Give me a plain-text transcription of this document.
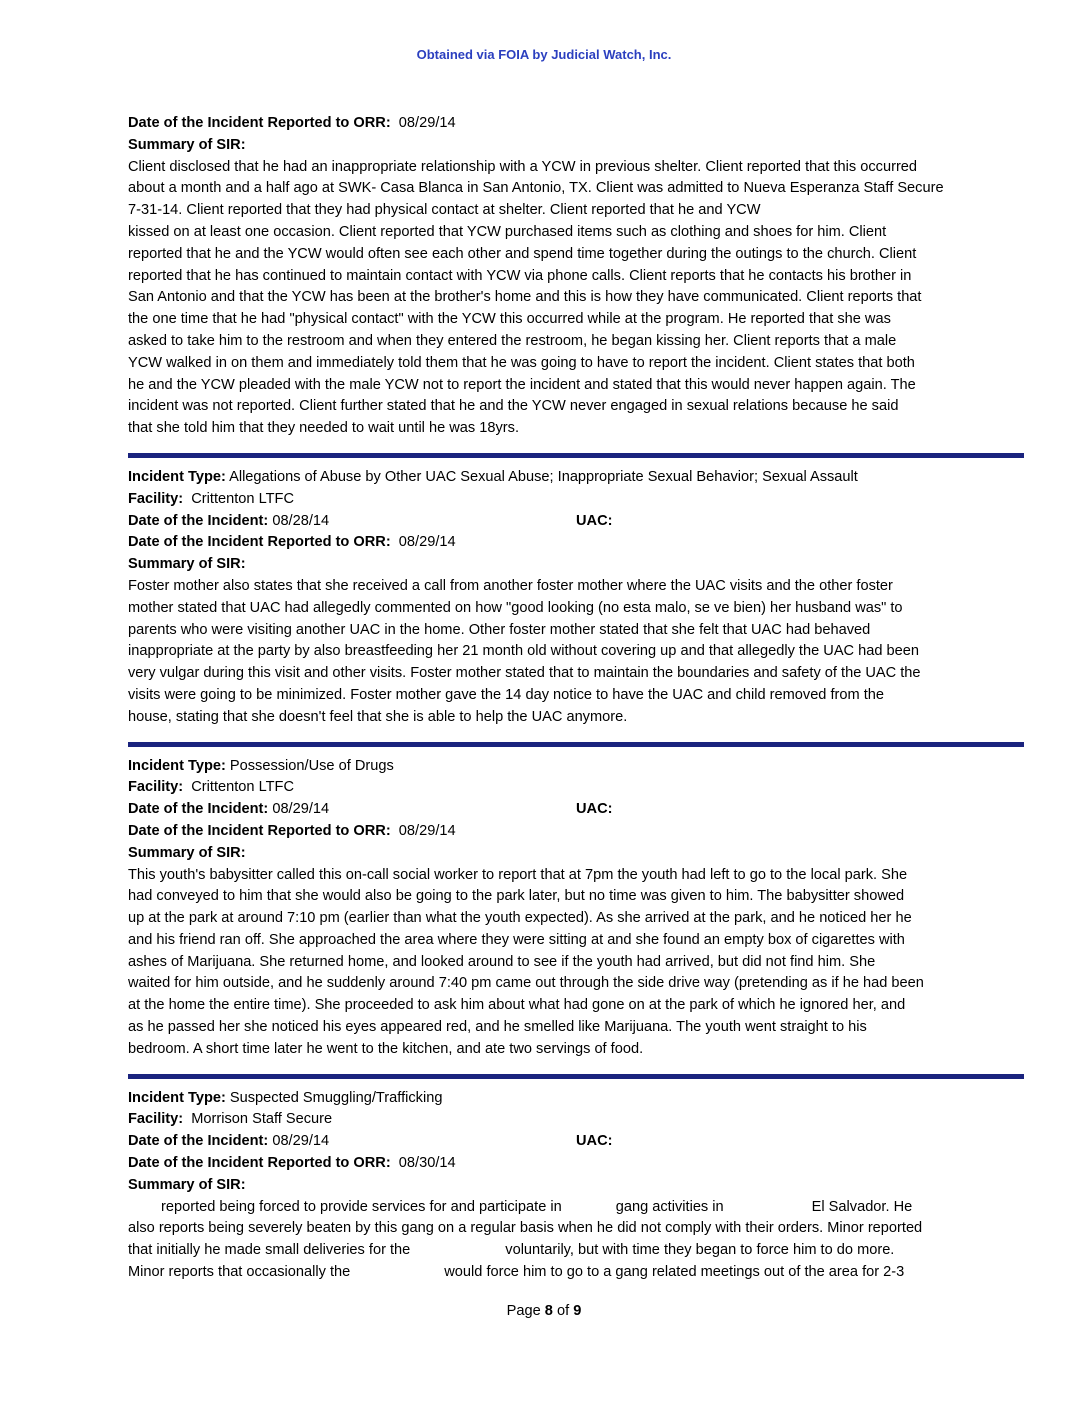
Obtained via FOIA by Judicial Watch, Inc.
Date of the Incident Reported to ORR: 08/29/14
Summary of SIR:
Client disclosed that he had an inappropriate relationship with a YCW in previous shelter. Client reported that this occurred
about a month and a half ago at SWK- Casa Blanca in San Antonio, TX. Client was admitted to Nueva Esperanza Staff Secure
7-31-14. Client reported that they had physical contact at shelter. Client reported that he and YCW
kissed on at least one occasion. Client reported that YCW purchased items such as clothing and shoes for him. Client
reported that he and the YCW would often see each other and spend time together during the outings to the church. Client
reported that he has continued to maintain contact with YCW via phone calls. Client reports that he contacts his brother in
San Antonio and that the YCW has been at the brother's home and this is how they have communicated. Client reports that
the one time that he had "physical contact" with the YCW this occurred while at the program. He reported that she was
asked to take him to the restroom and when they entered the restroom, he began kissing her. Client reports that a male
YCW walked in on them and immediately told them that he was going to have to report the incident. Client states that both
he and the YCW pleaded with the male YCW not to report the incident and stated that this would never happen again. The
incident was not reported. Client further stated that he and the YCW never engaged in sexual relations because he said
that she told him that they needed to wait until he was 18yrs.
Incident Type: Allegations of Abuse by Other UAC Sexual Abuse; Inappropriate Sexual Behavior; Sexual Assault
Facility: Crittenton LTFC
Date of the Incident: 08/28/14	UAC:
Date of the Incident Reported to ORR: 08/29/14
Summary of SIR:
Foster mother also states that she received a call from another foster mother where the UAC visits and the other foster
mother stated that UAC had allegedly commented on how "good looking (no esta malo, se ve bien) her husband was" to
parents who were visiting another UAC in the home. Other foster mother stated that she felt that UAC had behaved
inappropriate at the party by also breastfeeding her 21 month old without covering up and that allegedly the UAC had been
very vulgar during this visit and other visits. Foster mother stated that to maintain the boundaries and safety of the UAC the
visits were going to be minimized. Foster mother gave the 14 day notice to have the UAC and child removed from the
house, stating that she doesn't feel that she is able to help the UAC anymore.
Incident Type: Possession/Use of Drugs
Facility: Crittenton LTFC
Date of the Incident: 08/29/14	UAC:
Date of the Incident Reported to ORR: 08/29/14
Summary of SIR:
This youth's babysitter called this on-call social worker to report that at 7pm the youth had left to go to the local park. She
had conveyed to him that she would also be going to the park later, but no time was given to him. The babysitter showed
up at the park at around 7:10 pm (earlier than what the youth expected). As she arrived at the park, and he noticed her he
and his friend ran off. She approached the area where they were sitting at and she found an empty box of cigarettes with
ashes of Marijuana. She returned home, and looked around to see if the youth had arrived, but did not find him. She
waited for him outside, and he suddenly around 7:40 pm came out through the side drive way (pretending as if he had been
at the home the entire time). She proceeded to ask him about what had gone on at the park of which he ignored her, and
as he passed her she noticed his eyes appeared red, and he smelled like Marijuana. The youth went straight to his
bedroom. A short time later he went to the kitchen, and ate two servings of food.
Incident Type: Suspected Smuggling/Trafficking
Facility: Morrison Staff Secure
Date of the Incident: 08/29/14	UAC:
Date of the Incident Reported to ORR: 08/30/14
Summary of SIR:
reported being forced to provide services for and participate in	gang activities in	El Salvador. He
also reports being severely beaten by this gang on a regular basis when he did not comply with their orders. Minor reported
that initially he made small deliveries for the	voluntarily, but with time they began to force him to do more.
Minor reports that occasionally the	would force him to go to a gang related meetings out of the area for 2-3
Page 8 of 9
